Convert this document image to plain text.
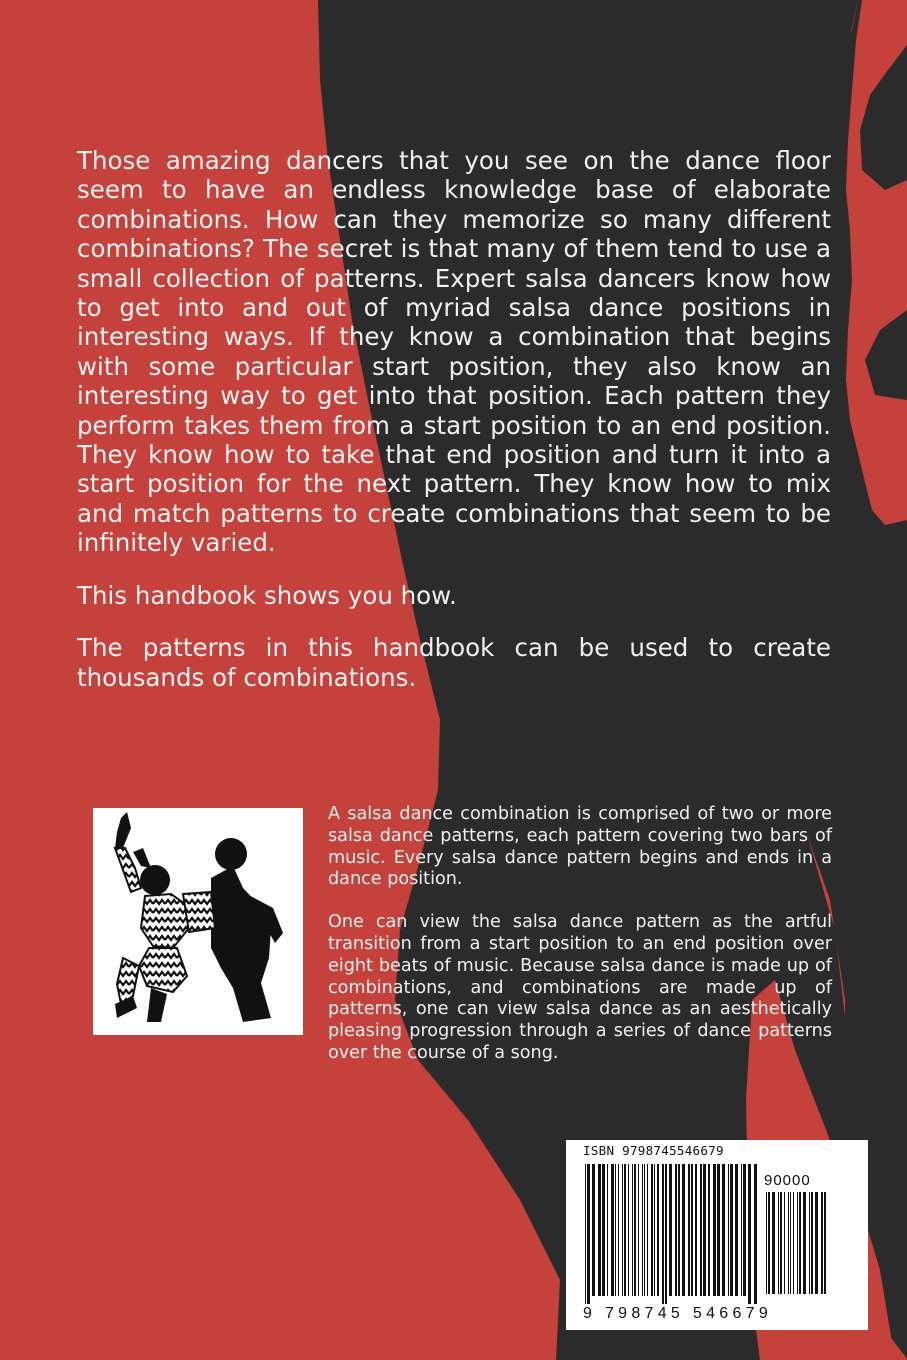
Those amazing dancers that you see on the dance floor seem to have an endless knowledge base of elaborate combinations. How can they memorize so many different combinations? The secret is that many of them tend to use a small collection of patterns. Expert salsa dancers know how to get into and out of myriad salsa dance positions in interesting ways. If they know a combination that begins with some particular start position, they also know an interesting way to get into that position. Each pattern they perform takes them from a start position to an end position. They know how to take that end position and turn it into a start position for the next pattern. They know how to mix and match patterns to create combinations that seem to be infinitely varied.

This handbook shows you how.

The patterns in this handbook can be used to create thousands of combinations.

A salsa dance combination is comprised of two or more salsa dance patterns, each pattern covering two bars of music. Every salsa dance pattern begins and ends in a dance position.

One can view the salsa dance pattern as the artful transition from a start position to an end position over eight beats of music. Because salsa dance is made up of combinations, and combinations are made up of patterns, one can view salsa dance as an aesthetically pleasing progression through a series of dance patterns over the course of a song.

ISBN 9798745546679
90000
9 798745 546679
